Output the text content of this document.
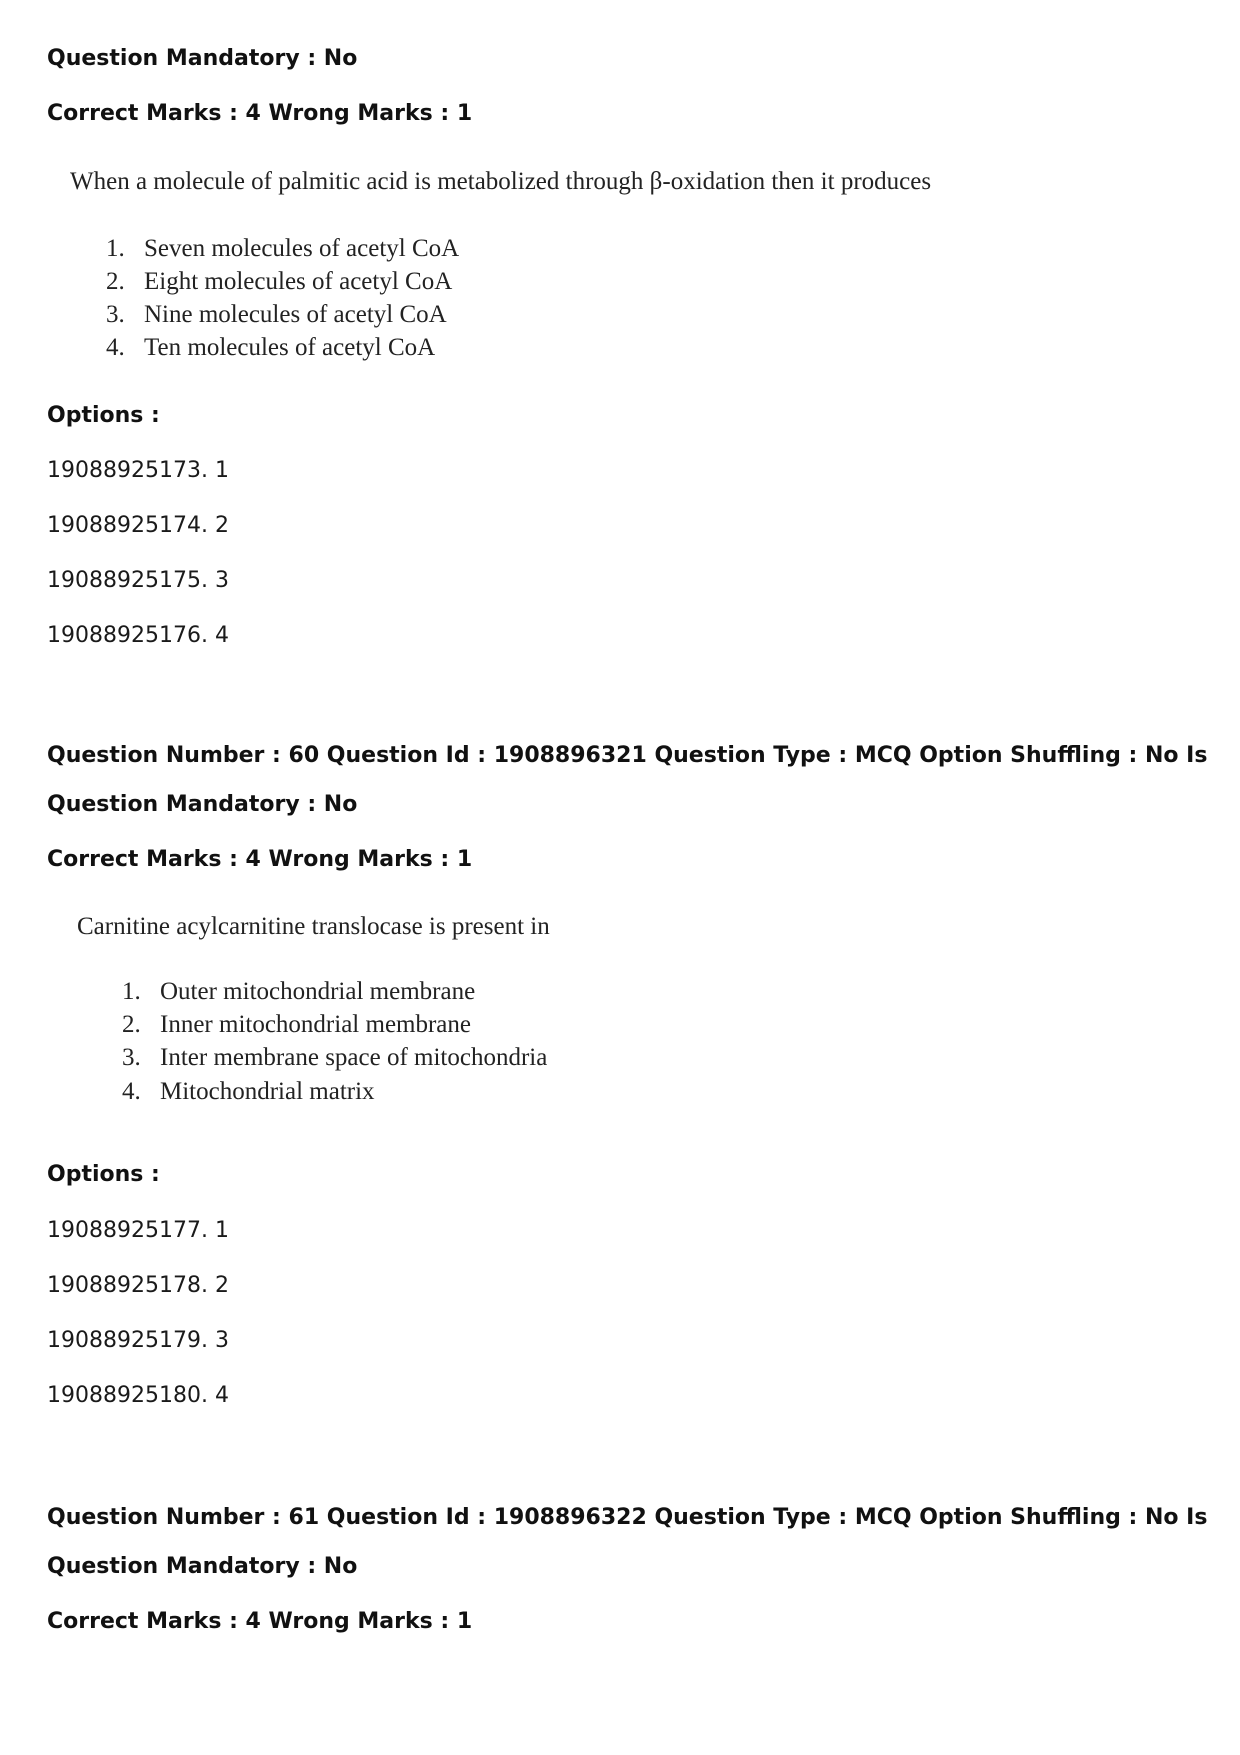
Question Mandatory : No
Correct Marks : 4 Wrong Marks : 1
When a molecule of palmitic acid is metabolized through β-oxidation then it produces
1. Seven molecules of acetyl CoA
2. Eight molecules of acetyl CoA
3. Nine molecules of acetyl CoA
4. Ten molecules of acetyl CoA
Options :
19088925173. 1
19088925174. 2
19088925175. 3
19088925176. 4
Question Number : 60 Question Id : 1908896321 Question Type : MCQ Option Shuffling : No Is
Question Mandatory : No
Correct Marks : 4 Wrong Marks : 1
Carnitine acylcarnitine translocase is present in
1. Outer mitochondrial membrane
2. Inner mitochondrial membrane
3. Inter membrane space of mitochondria
4. Mitochondrial matrix
Options :
19088925177. 1
19088925178. 2
19088925179. 3
19088925180. 4
Question Number : 61 Question Id : 1908896322 Question Type : MCQ Option Shuffling : No Is
Question Mandatory : No
Correct Marks : 4 Wrong Marks : 1
